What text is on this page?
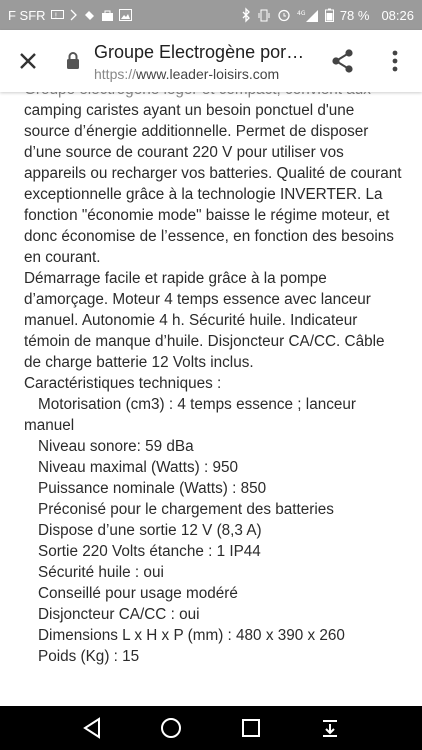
F SFR !	4G	78 % 08:26
Groupe Electrogène por…
https://www.leader-loisirs.com

camping caristes ayant un besoin ponctuel d'une

source d’énergie additionnelle. Permet de disposer

d’une source de courant 220 V pour utiliser vos

appareils ou recharger vos batteries. Qualité de courant

exceptionnelle grâce à la technologie INVERTER. La

fonction "économie mode" baisse le régime moteur, et

donc économise de l’essence, en fonction des besoins

en courant.

Démarrage facile et rapide grâce à la pompe

d’amorçage. Moteur 4 temps essence avec lanceur

manuel. Autonomie 4 h. Sécurité huile. Indicateur

témoin de manque d’huile. Disjoncteur CA/CC. Câble

de charge batterie 12 Volts inclus.

Caractéristiques techniques :

Motorisation (cm3) : 4 temps essence ; lanceur

manuel

Niveau sonore: 59 dBa

Niveau maximal (Watts) : 950

Puissance nominale (Watts) : 850

Préconisé pour le chargement des batteries

Dispose d’une sortie 12 V (8,3 A)

Sortie 220 Volts étanche : 1 IP44

Sécurité huile : oui

Conseillé pour usage modéré

Disjoncteur CA/CC : oui

Dimensions L x H x P (mm) : 480 x 390 x 260

Poids (Kg) : 15
